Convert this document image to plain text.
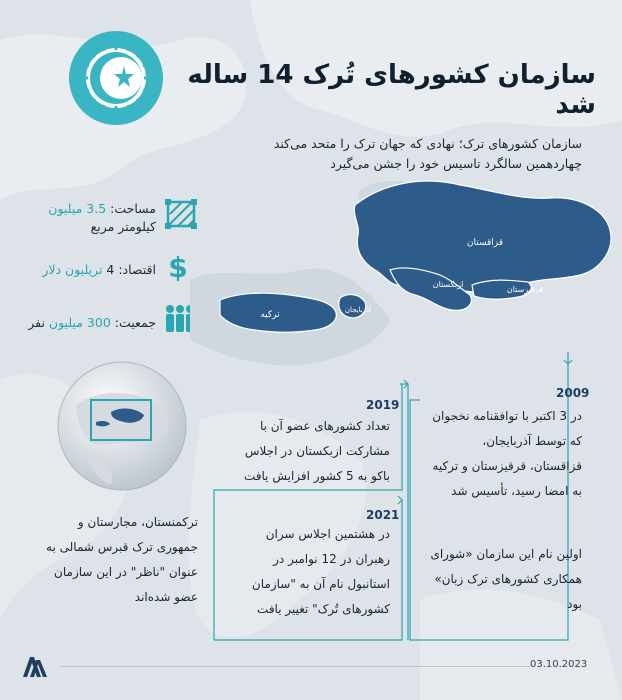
سازمان کشورهای تُرک 14 ساله شد
سازمان کشورهای ترک؛ نهادی که جهان ترک را متحد می‌کند چهاردهمین سالگرد تاسیس خود را جشن می‌گیرد
مساحت: 3.5 میلیون
کیلومتر مربع
$
اقتصاد: 4 تریلیون دلار
جمعیت: 300 میلیون نفر
قزاقستان
ازبکستان
قرقیزستان
آذربایجان
ترکیه
2009
در 3 اکتبر با توافقنامه نخجوان که توسط آذربایجان، قزاقستان، قرقیزستان و ترکیه به امضا رسید، تأسیس شد
اولین نام این سازمان «شورای همکاری کشورهای ترک زبان» بود
2019
تعداد کشورهای عضو آن با مشارکت ازبکستان در اجلاس باکو به 5 کشور افزایش یافت
2021
در هشتمین اجلاس سران رهبران در 12 نوامبر در استانبول نام آن به "سازمان کشورهای تُرک" تغییر یافت
ترکمنستان، مجارستان و جمهوری ترک قبرس شمالی به عنوان "ناظر" در این سازمان عضو شده‌اند
03.10.2023
